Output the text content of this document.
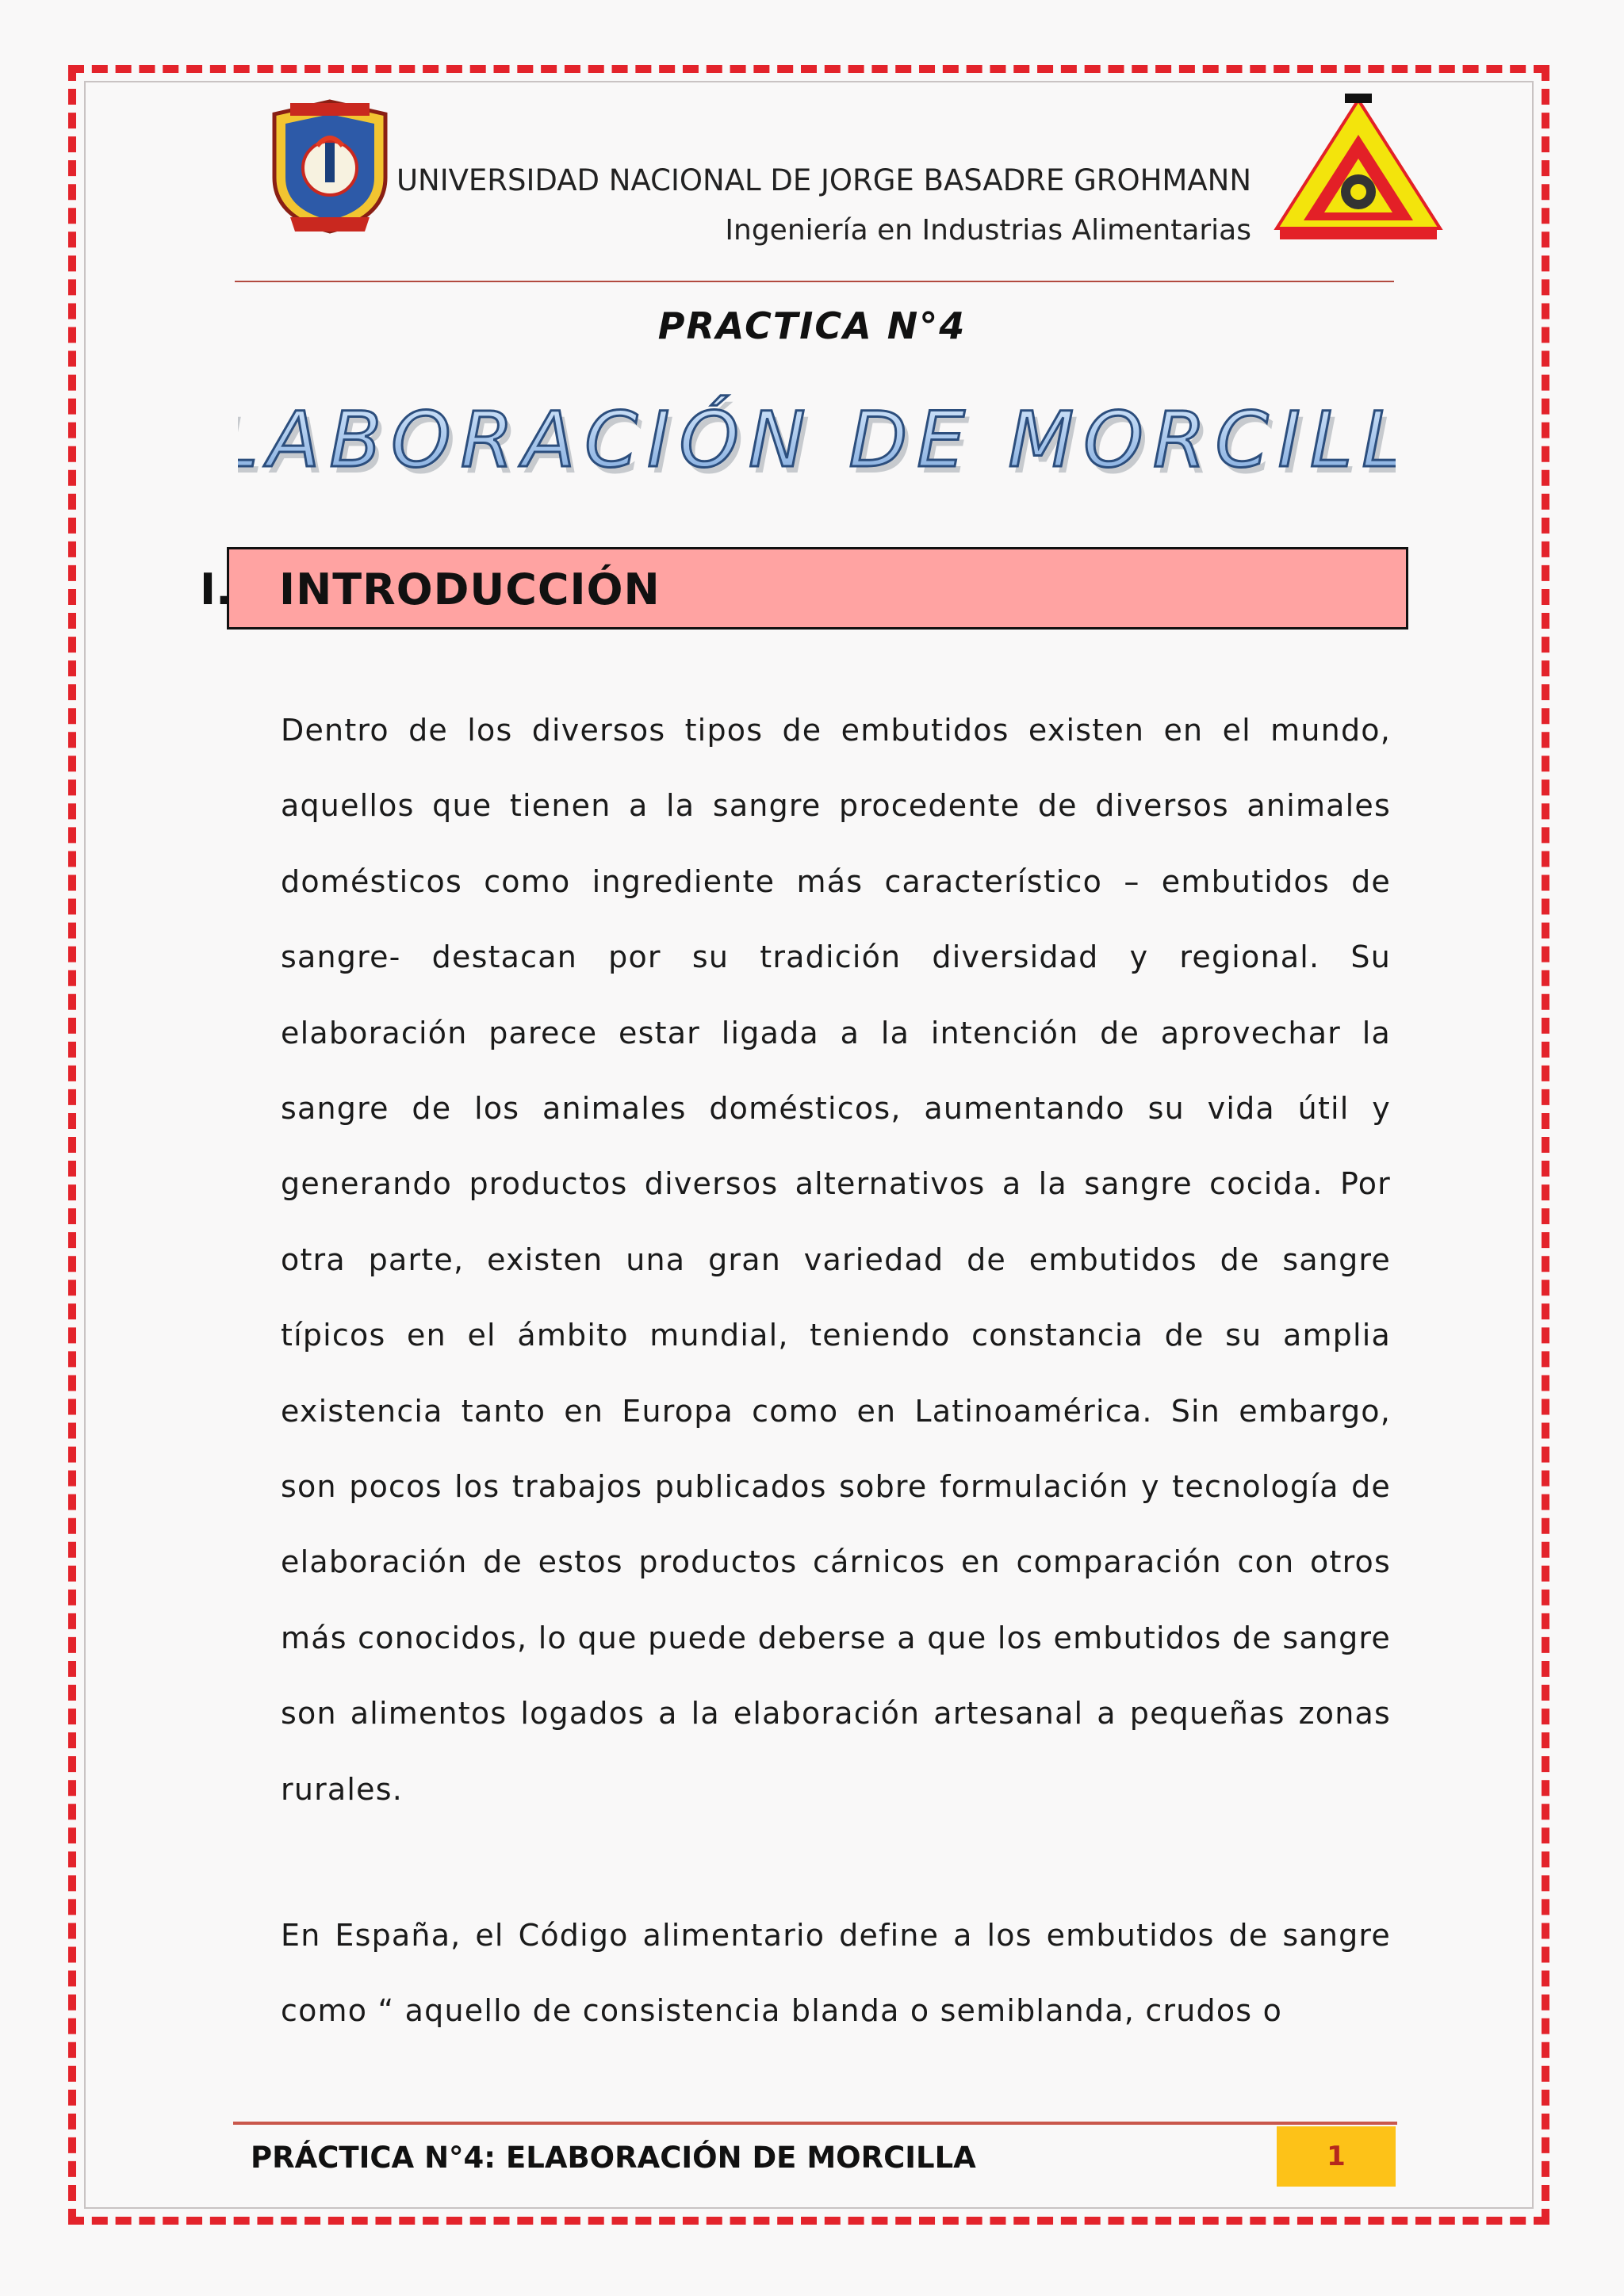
UNIVERSIDAD NACIONAL DE JORGE BASADRE GROHMANN
Ingeniería en Industrias Alimentarias
PRACTICA N°4
ABORACIÓN DE MORCIL
ABORACIÓN DE MORCIL
I. INTRODUCCIÓN

Dentro de los diversos tipos de embutidos existen en el mundo, aquellos que tienen a la sangre procedente de diversos animales domésticos como ingrediente más característico – embutidos de sangre- destacan por su tradición diversidad y regional. Su elaboración parece estar ligada a la intención de aprovechar la sangre de los animales domésticos, aumentando su vida útil y generando productos diversos alternativos a la sangre cocida. Por otra parte, existen una gran variedad de embutidos de sangre típicos en el ámbito mundial, teniendo constancia de su amplia existencia tanto en Europa como en Latinoamérica. Sin embargo, son pocos los trabajos publicados sobre formulación y tecnología de elaboración de estos productos cárnicos en comparación con otros más conocidos, lo que puede deberse a que los embutidos de sangre son alimentos logados a la elaboración artesanal a pequeñas zonas rurales.

En España, el Código alimentario define a los embutidos de sangre como “ aquello de consistencia blanda o semiblanda, crudos o

PRÁCTICA N°4: ELABORACIÓN DE MORCILLA	1
